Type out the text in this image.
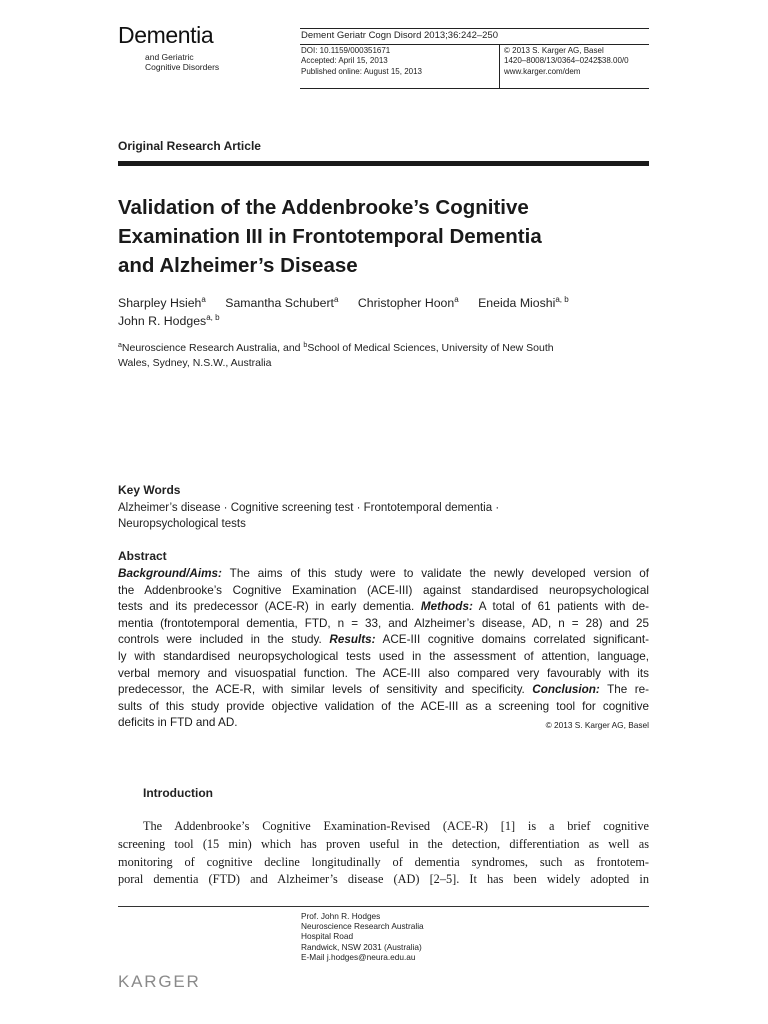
Dementia
and Geriatric
Cognitive Disorders
Dement Geriatr Cogn Disord 2013;36:242–250
DOI: 10.1159/000351671
Accepted: April 15, 2013
Published online: August 15, 2013
© 2013 S. Karger AG, Basel
1420–8008/13/0364–0242$38.00/0
www.karger.com/dem
Original Research Article
Validation of the Addenbrooke’s Cognitive
Examination III in Frontotemporal Dementia
and Alzheimer’s Disease
Sharpley Hsieh$^a$ Samantha Schubert$^a$ Christopher Hoon$^a$ Eneida Mioshi$^{a, b}$
John R. Hodges$^{a, b}$
$^a$Neuroscience Research Australia, and $^b$School of Medical Sciences, University of New South
Wales, Sydney, N.S.W., Australia
Key Words
Alzheimer’s disease · Cognitive screening test · Frontotemporal dementia ·
Neuropsychological tests
Abstract
Background/Aims: The aims of this study were to validate the newly developed version of
the Addenbrooke’s Cognitive Examination (ACE-III) against standardised neuropsychological
tests and its predecessor (ACE-R) in early dementia. Methods: A total of 61 patients with de-
mentia (frontotemporal dementia, FTD, n = 33, and Alzheimer’s disease, AD, n = 28) and 25
controls were included in the study. Results: ACE-III cognitive domains correlated significant-
ly with standardised neuropsychological tests used in the assessment of attention, language,
verbal memory and visuospatial function. The ACE-III also compared very favourably with its
predecessor, the ACE-R, with similar levels of sensitivity and specificity. Conclusion: The re-
sults of this study provide objective validation of the ACE-III as a screening tool for cognitive
deficits in FTD and AD.	© 2013 S. Karger AG, Basel
Introduction
The Addenbrooke’s Cognitive Examination-Revised (ACE-R) [1] is a brief cognitive
screening tool (15 min) which has proven useful in the detection, differentiation as well as
monitoring of cognitive decline longitudinally of dementia syndromes, such as frontotem-
poral dementia (FTD) and Alzheimer’s disease (AD) [2–5]. It has been widely adopted in
Prof. John R. Hodges
Neuroscience Research Australia
Hospital Road
Randwick, NSW 2031 (Australia)
E-Mail j.hodges@neura.edu.au
KARGER
